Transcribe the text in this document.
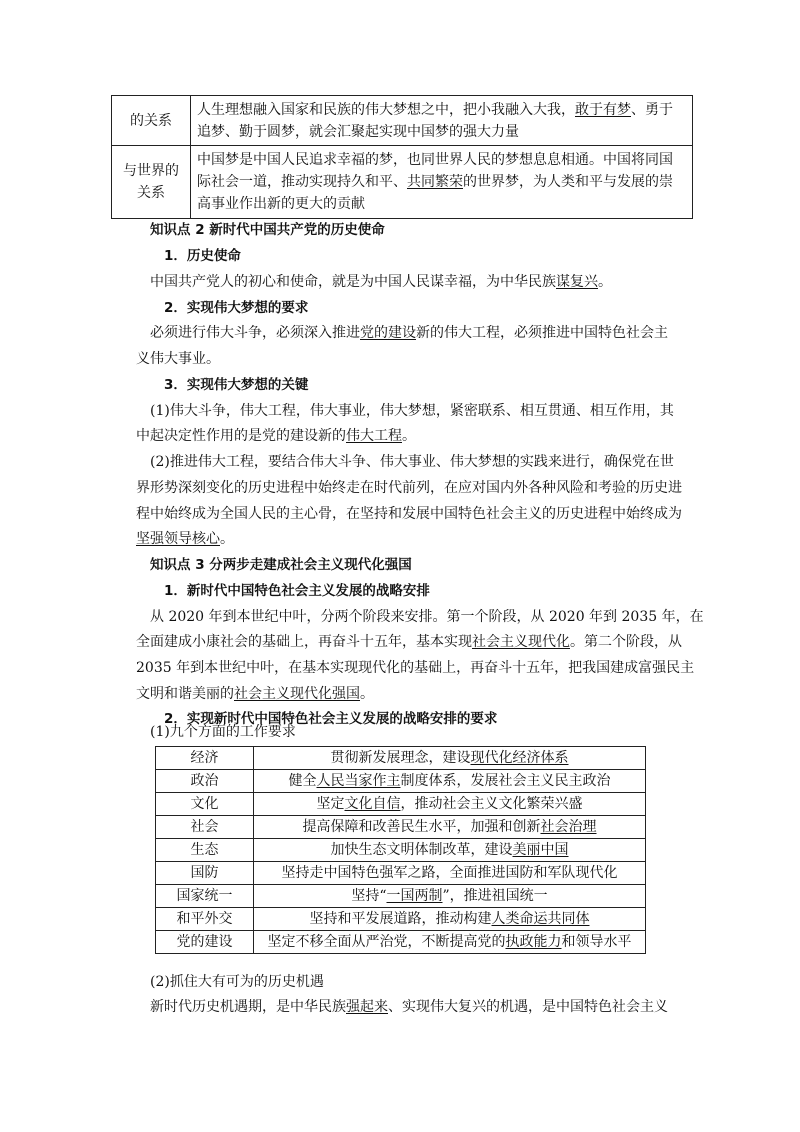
的关系	人生理想融入国家和民族的伟大梦想之中，把小我融入大我，敢于有梦、勇于
追梦、勤于圆梦，就会汇聚起实现中国梦的强大力量
与世界的
关系	中国梦是中国人民追求幸福的梦，也同世界人民的梦想息息相通。中国将同国
际社会一道，推动实现持久和平、共同繁荣的世界梦，为人类和平与发展的崇
高事业作出新的更大的贡献
知识点 2 新时代中国共产党的历史使命
1．历史使命
中国共产党人的初心和使命，就是为中国人民谋幸福，为中华民族谋复兴。
2．实现伟大梦想的要求
必须进行伟大斗争，必须深入推进党的建设新的伟大工程，必须推进中国特色社会主
义伟大事业。
3．实现伟大梦想的关键
(1)伟大斗争，伟大工程，伟大事业，伟大梦想，紧密联系、相互贯通、相互作用，其
中起决定性作用的是党的建设新的伟大工程。
(2)推进伟大工程，要结合伟大斗争、伟大事业、伟大梦想的实践来进行，确保党在世
界形势深刻变化的历史进程中始终走在时代前列，在应对国内外各种风险和考验的历史进
程中始终成为全国人民的主心骨，在坚持和发展中国特色社会主义的历史进程中始终成为
坚强领导核心。
知识点 3 分两步走建成社会主义现代化强国
1．新时代中国特色社会主义发展的战略安排
从 2020 年到本世纪中叶，分两个阶段来安排。第一个阶段，从 2020 年到 2035 年，在
全面建成小康社会的基础上，再奋斗十五年，基本实现社会主义现代化。第二个阶段，从
2035 年到本世纪中叶，在基本实现现代化的基础上，再奋斗十五年，把我国建成富强民主
文明和谐美丽的社会主义现代化强国。
2．实现新时代中国特色社会主义发展的战略安排的要求
(1)九个方面的工作要求
经济	贯彻新发展理念，建设现代化经济体系
政治	健全人民当家作主制度体系，发展社会主义民主政治
文化	坚定文化自信，推动社会主义文化繁荣兴盛
社会	提高保障和改善民生水平，加强和创新社会治理
生态	加快生态文明体制改革，建设美丽中国
国防	坚持走中国特色强军之路，全面推进国防和军队现代化
国家统一	坚持“一国两制”，推进祖国统一
和平外交	坚持和平发展道路，推动构建人类命运共同体
党的建设	坚定不移全面从严治党，不断提高党的执政能力和领导水平
(2)抓住大有可为的历史机遇
新时代历史机遇期，是中华民族强起来、实现伟大复兴的机遇，是中国特色社会主义
